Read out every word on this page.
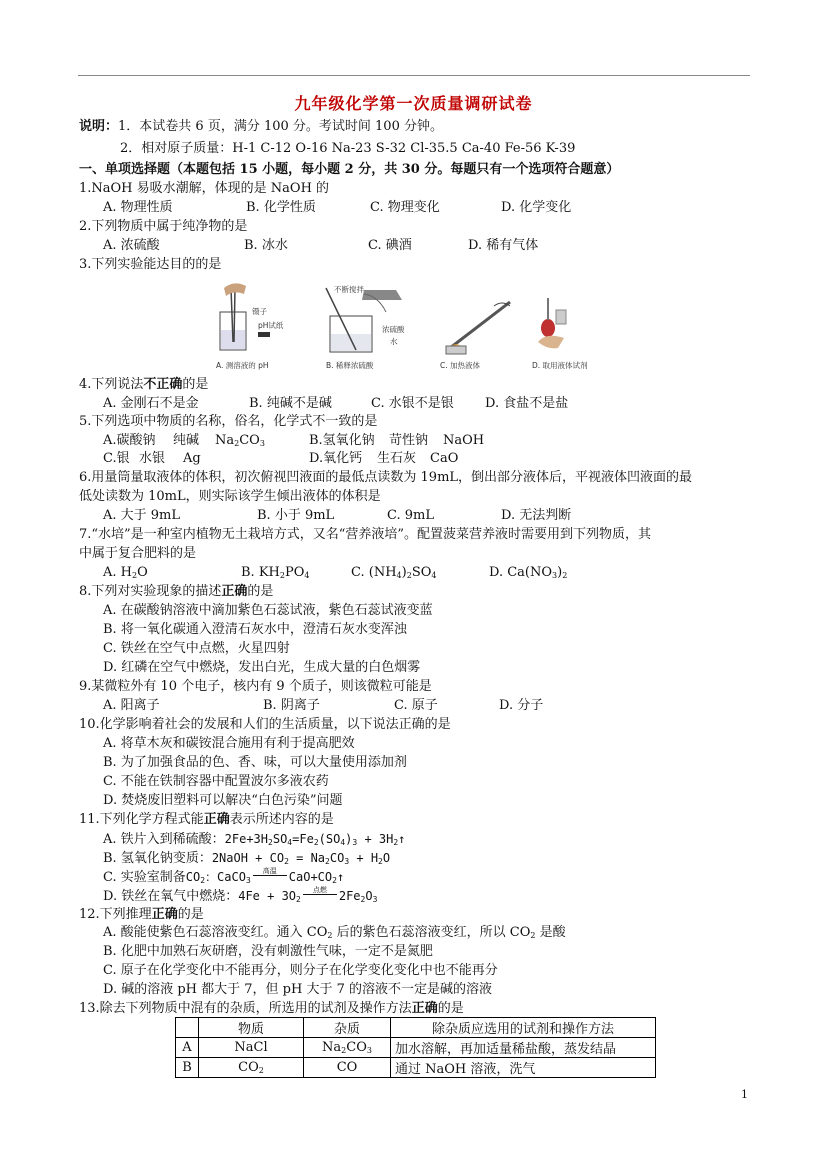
九年级化学第一次质量调研试卷
说明：1．本试卷共 6 页，满分 100 分。考试时间 100 分钟。
2．相对原子质量：H-1 C-12 O-16 Na-23 S-32 Cl-35.5 Ca-40 Fe-56 K-39
一、单项选择题（本题包括 15 小题，每小题 2 分，共 30 分。每题只有一个选项符合题意）
1.NaOH 易吸水潮解，体现的是 NaOH 的
A. 物理性质	B. 化学性质	C. 物理变化	D. 化学变化
2.下列物质中属于纯净物的是
A. 浓硫酸	B. 冰水	C. 碘酒	D. 稀有气体
3.下列实验能达目的的是
镊子
pH试纸
A. 测溶液的 pH
不断搅拌
浓硫酸
水
B. 稀释浓硫酸	C. 加热液体	D. 取用液体试剂
4.下列说法不正确的是
A. 金刚石不是金	B. 纯碱不是碱	C. 水银不是银 D. 食盐不是盐
5.下列选项中物质的名称，俗名，化学式不一致的是
A.碳酸钠 纯碱 $Na_2CO_3$	B.氢氧化钠 苛性钠 NaOH
C.银 水银 Ag	D.氧化钙 生石灰 CaO
6.用量筒量取液体的体积，初次俯视凹液面的最低点读数为 19mL，倒出部分液体后，平视液体凹液面的最
低处读数为 10mL，则实际该学生倾出液体的体积是
A. 大于 9mL	B. 小于 9mL	C. 9mL	D. 无法判断
7.“水培”是一种室内植物无土栽培方式，又名“营养液培”。配置菠菜营养液时需要用到下列物质，其
中属于复合肥料的是
A. $H_2O$	B. $KH_2PO_4$	C. $(NH_4)_2SO_4$	D. $Ca(NO_3)_2$
8.下列对实验现象的描述正确的是
A. 在碳酸钠溶液中滴加紫色石蕊试液，紫色石蕊试液变蓝
B. 将一氧化碳通入澄清石灰水中，澄清石灰水变浑浊
C. 铁丝在空气中点燃，火星四射
D. 红磷在空气中燃烧，发出白光，生成大量的白色烟雾
9.某微粒外有 10 个电子，核内有 9 个质子，则该微粒可能是
A. 阳离子	B. 阴离子	C. 原子	D. 分子
10.化学影响着社会的发展和人们的生活质量，以下说法正确的是
A. 将草木灰和碳铵混合施用有利于提高肥效
B. 为了加强食品的色、香、味，可以大量使用添加剂
C. 不能在铁制容器中配置波尔多液农药
D. 焚烧废旧塑料可以解决“白色污染”问题
11.下列化学方程式能正确表示所述内容的是
A. 铁片入到稀硫酸：$2Fe+3H_2SO_4=Fe_2(SO_4)_3$ + $3H_2↑$
B. 氢氧化钠变质：2NaOH + $CO_2 = Na_2CO_3 + H_2O$
C. 实验室制备$CO_2$：CaCO$_3$
高温	$CaO+CO_2↑$
D. 铁丝在氧气中燃烧：$4Fe + 3O_2$
点燃	$2Fe_2O_3$
12.下列推理正确的是
A. 酸能使紫色石蕊溶液变红。通入 $CO_2$ 后的紫色石蕊溶液变红，所以 $CO_2$ 是酸
B. 化肥中加熟石灰研磨，没有刺激性气味，一定不是氮肥
C. 原子在化学变化中不能再分，则分子在化学变化变化中也不能再分
D. 碱的溶液 pH 都大于 7，但 pH 大于 7 的溶液不一定是碱的溶液
13.除去下列物质中混有的杂质，所选用的试剂及操作方法正确的是
	物质	杂质	除杂质应选用的试剂和操作方法
A	NaCl	$Na_2CO_3$	加水溶解，再加适量稀盐酸，蒸发结晶
B	$CO_2$	CO	通过 NaOH 溶液，洗气
1
